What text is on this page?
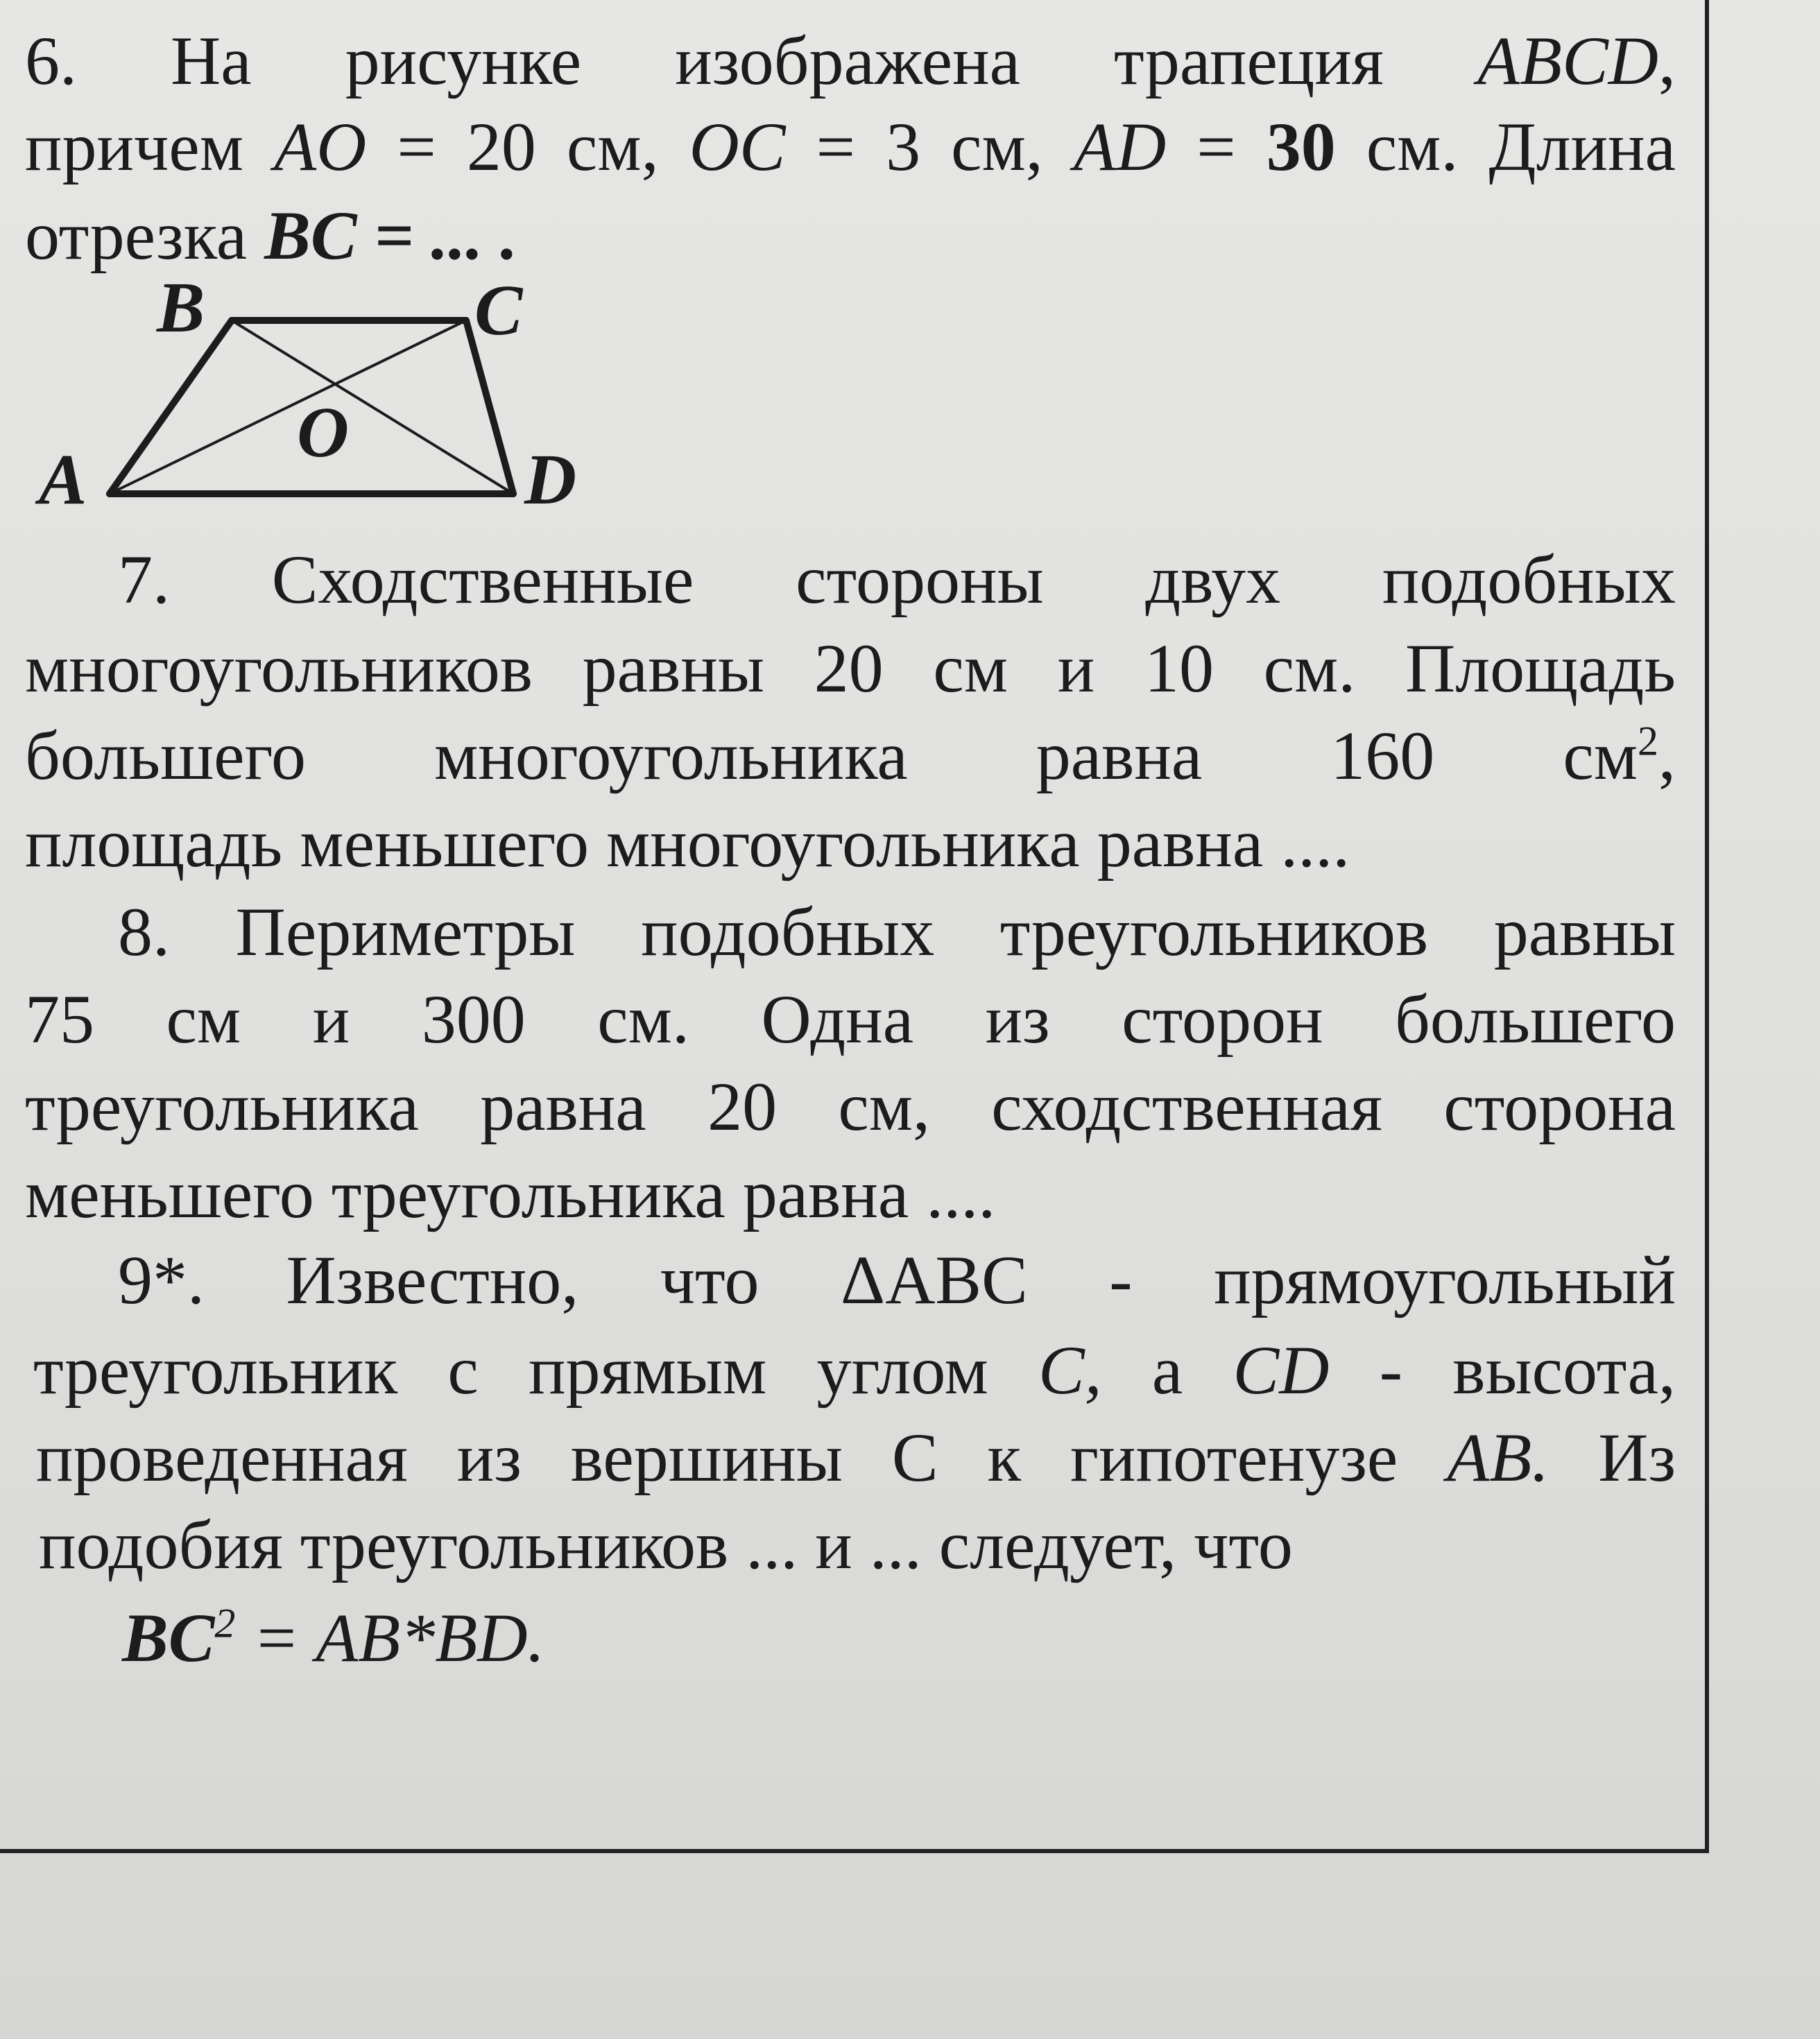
6. На рисунке изображена трапеция ABCD,
причем AO = 20 см, OC = 3 см, AD = 30 см. Длина
отрезка BC = ... .
B	C
A	D
O
7. Сходственные стороны двух подобных
многоугольников равны 20 см и 10 см. Площадь
большего многоугольника равна 160 $см^2$,
площадь меньшего многоугольника равна ....
8. Периметры подобных треугольников равны
75 см и 300 см. Одна из сторон большего
треугольника равна 20 см, сходственная сторона
меньшего треугольника равна ....
9*. Известно, что ΔABC - прямоугольный
треугольник с прямым углом C, а CD - высота,
проведенная из вершины С к гипотенузе AB. Из
подобия треугольников ... и ... следует, что
$BC^2 = AB*BD$.
